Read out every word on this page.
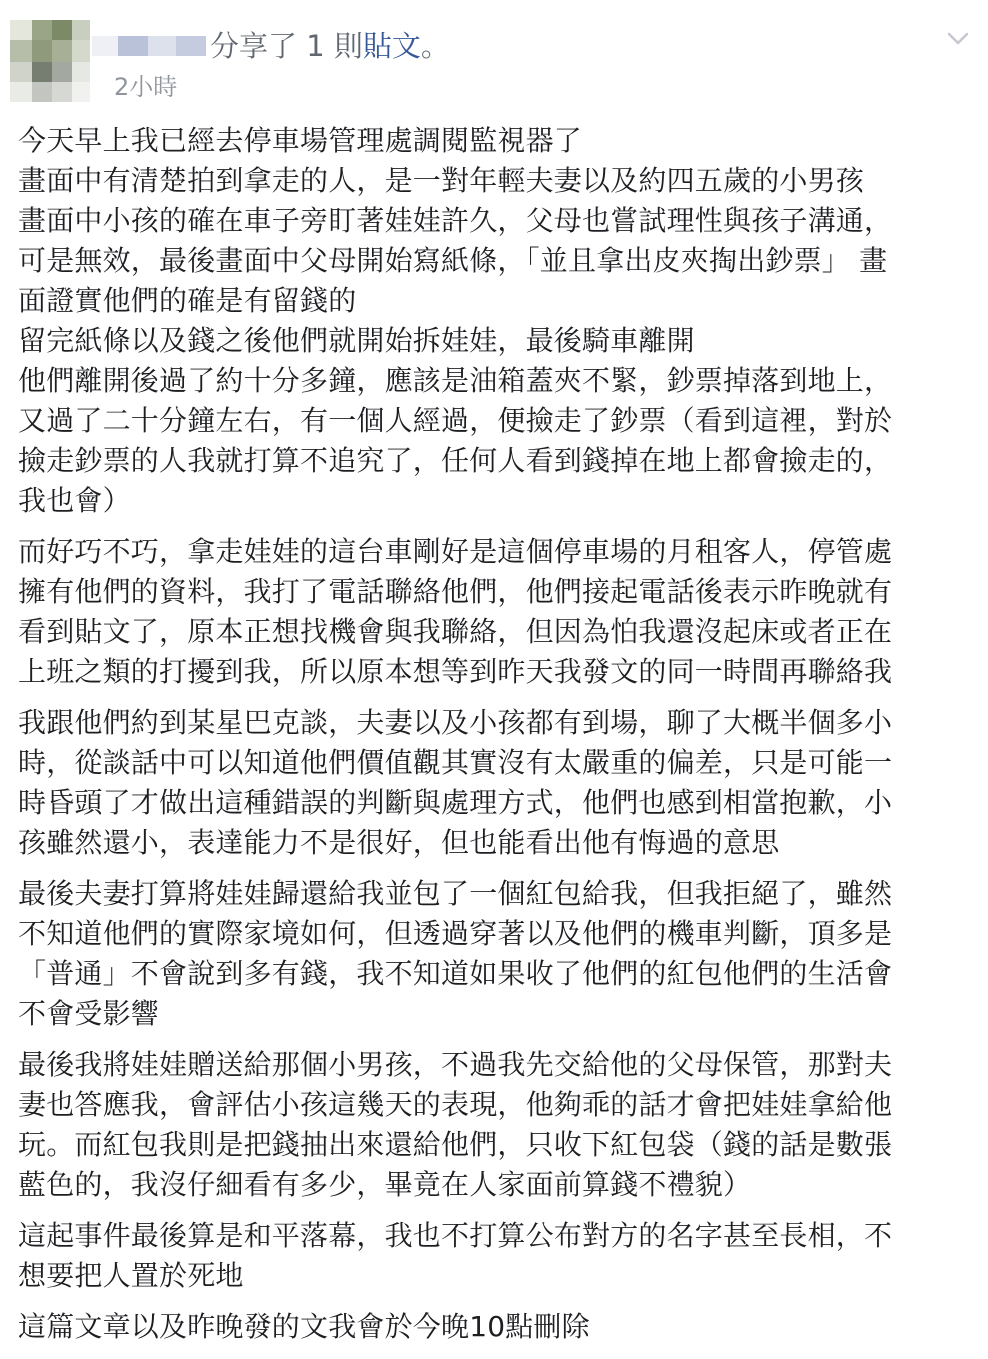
分享了 1 則貼文。
2小時
今天早上我已經去停車場管理處調閱監視器了
畫面中有清楚拍到拿走的人，是一對年輕夫妻以及約四五歲的小男孩
畫面中小孩的確在車子旁盯著娃娃許久，父母也嘗試理性與孩子溝通，
可是無效，最後畫面中父母開始寫紙條，「並且拿出皮夾掏出鈔票」 畫
面證實他們的確是有留錢的
留完紙條以及錢之後他們就開始拆娃娃，最後騎車離開
他們離開後過了約十分多鐘，應該是油箱蓋夾不緊，鈔票掉落到地上，
又過了二十分鐘左右，有一個人經過，便撿走了鈔票（看到這裡，對於
撿走鈔票的人我就打算不追究了，任何人看到錢掉在地上都會撿走的，
我也會）
而好巧不巧，拿走娃娃的這台車剛好是這個停車場的月租客人，停管處
擁有他們的資料，我打了電話聯絡他們，他們接起電話後表示昨晚就有
看到貼文了，原本正想找機會與我聯絡，但因為怕我還沒起床或者正在
上班之類的打擾到我，所以原本想等到昨天我發文的同一時間再聯絡我
我跟他們約到某星巴克談，夫妻以及小孩都有到場，聊了大概半個多小
時，從談話中可以知道他們價值觀其實沒有太嚴重的偏差，只是可能一
時昏頭了才做出這種錯誤的判斷與處理方式，他們也感到相當抱歉，小
孩雖然還小，表達能力不是很好，但也能看出他有悔過的意思
最後夫妻打算將娃娃歸還給我並包了一個紅包給我，但我拒絕了，雖然
不知道他們的實際家境如何，但透過穿著以及他們的機車判斷，頂多是
「普通」不會說到多有錢，我不知道如果收了他們的紅包他們的生活會
不會受影響
最後我將娃娃贈送給那個小男孩，不過我先交給他的父母保管，那對夫
妻也答應我，會評估小孩這幾天的表現，他夠乖的話才會把娃娃拿給他
玩。而紅包我則是把錢抽出來還給他們，只收下紅包袋（錢的話是數張
藍色的，我沒仔細看有多少，畢竟在人家面前算錢不禮貌）
這起事件最後算是和平落幕，我也不打算公布對方的名字甚至長相，不
想要把人置於死地
這篇文章以及昨晚發的文我會於今晚10點刪除
